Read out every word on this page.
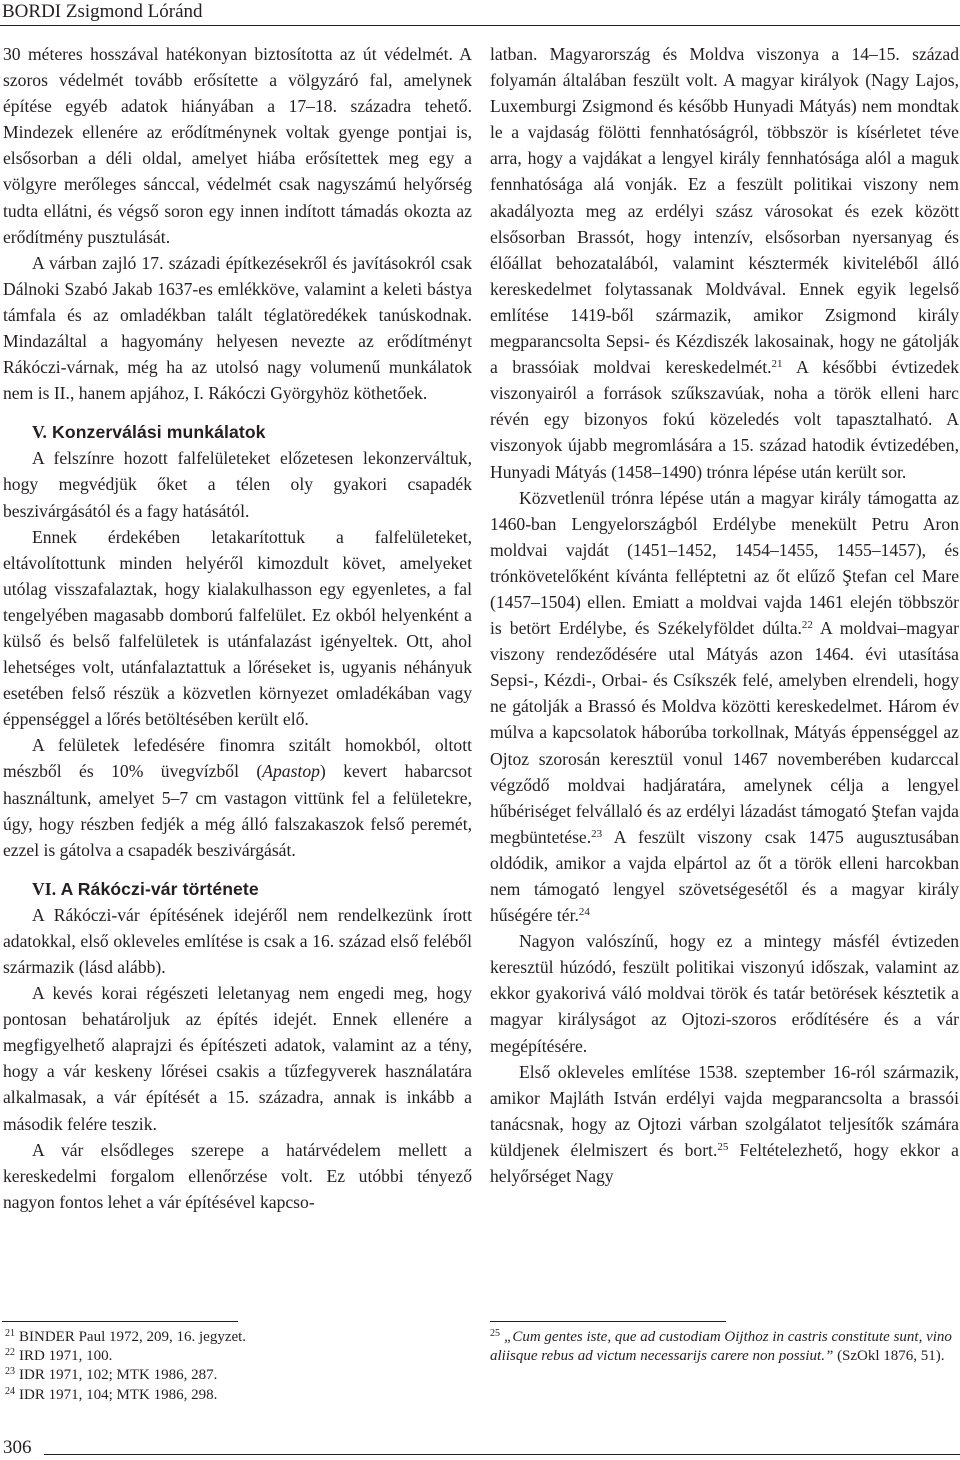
BORDI Zsigmond Lóránd

30 méteres hosszával hatékonyan biztosította az út védelmét. A szoros védelmét tovább erősítette a völgyzáró fal, amelynek építése egyéb adatok hiányában a 17–18. századra tehető. Mindezek ellenére az erődítménynek voltak gyenge pontjai is, elsősorban a déli oldal, amelyet hiába erősítettek meg egy a völgyre merőleges sánccal, védelmét csak nagyszámú helyőrség tudta ellátni, és végső soron egy innen indított támadás okozta az erődítmény pusztulását.

A várban zajló 17. századi építkezésekről és javításokról csak Dálnoki Szabó Jakab 1637-es emlékköve, valamint a keleti bástya támfala és az omladékban talált téglatöredékek tanúskodnak. Mindazáltal a hagyomány helyesen nevezte az erődítményt Rákóczi-várnak, még ha az utolsó nagy volumenű munkálatok nem is II., hanem apjához, I. Rákóczi Györgyhöz köthetőek.

V. Konzerválási munkálatok

A felszínre hozott falfelületeket előzetesen lekonzerváltuk, hogy megvédjük őket a télen oly gyakori csapadék beszivárgásától és a fagy hatásától.

Ennek érdekében letakarítottuk a falfelületeket, eltávolítottunk minden helyéről kimozdult követ, amelyeket utólag visszafalaztak, hogy kialakulhasson egy egyenletes, a fal tengelyében magasabb domború falfelület. Ez okból helyenként a külső és belső falfelületek is utánfalazást igényeltek. Ott, ahol lehetséges volt, utánfalaztattuk a lőréseket is, ugyanis néhányuk esetében felső részük a közvetlen környezet omladékában vagy éppenséggel a lőrés betöltésében került elő.

A felületek lefedésére finomra szitált homokból, oltott mészből és 10% üvegvízből (Apastop) kevert habarcsot használtunk, amelyet 5–7 cm vastagon vittünk fel a felületekre, úgy, hogy részben fedjék a még álló falszakaszok felső peremét, ezzel is gátolva a csapadék beszivárgását.

VI. A Rákóczi-vár története

A Rákóczi-vár építésének idejéről nem rendelkezünk írott adatokkal, első okleveles említése is csak a 16. század első feléből származik (lásd alább).

A kevés korai régészeti leletanyag nem engedi meg, hogy pontosan behatároljuk az építés idejét. Ennek ellenére a megfigyelhető alaprajzi és építészeti adatok, valamint az a tény, hogy a vár keskeny lőrései csakis a tűzfegyverek használatára alkalmasak, a vár építését a 15. századra, annak is inkább a második felére teszik.

A vár elsődleges szerepe a határvédelem mellett a kereskedelmi forgalom ellenőrzése volt. Ez utóbbi tényező nagyon fontos lehet a vár építésével kapcso-

latban. Magyarország és Moldva viszonya a 14–15. század folyamán általában feszült volt. A magyar királyok (Nagy Lajos, Luxemburgi Zsigmond és később Hunyadi Mátyás) nem mondtak le a vajdaság fölötti fennhatóságról, többször is kísérletet téve arra, hogy a vajdákat a lengyel király fennhatósága alól a maguk fennhatósága alá vonják. Ez a feszült politikai viszony nem akadályozta meg az erdélyi szász városokat és ezek között elsősorban Brassót, hogy intenzív, elsősorban nyersanyag és élőállat behozatalából, valamint késztermék kiviteléből álló kereskedelmet folytassanak Moldvával. Ennek egyik legelső említése 1419-ből származik, amikor Zsigmond király megparancsolta Sepsi- és Kézdiszék lakosainak, hogy ne gátolják a brassóiak moldvai kereskedelmét.$^{21}$ A későbbi évtizedek viszonyairól a források szűkszavúak, noha a török elleni harc révén egy bizonyos fokú közeledés volt tapasztalható. A viszonyok újabb megromlására a 15. század hatodik évtizedében, Hunyadi Mátyás (1458–1490) trónra lépése után került sor.

Közvetlenül trónra lépése után a magyar király támogatta az 1460-ban Lengyelországból Erdélybe menekült Petru Aron moldvai vajdát (1451–1452, 1454–1455, 1455–1457), és trónkövetelőként kívánta felléptetni az őt elűző Ştefan cel Mare (1457–1504) ellen. Emiatt a moldvai vajda 1461 elején többször is betört Erdélybe, és Székelyföldet dúlta.$^{22}$ A moldvai–magyar viszony rendeződésére utal Mátyás azon 1464. évi utasítása Sepsi-, Kézdi-, Orbai- és Csíkszék felé, amelyben elrendeli, hogy ne gátolják a Brassó és Moldva közötti kereskedelmet. Három év múlva a kapcsolatok háborúba torkollnak, Mátyás éppenséggel az Ojtoz szorosán keresztül vonul 1467 novemberében kudarccal végződő moldvai hadjáratára, amelynek célja a lengyel hűbériséget felvállaló és az erdélyi lázadást támogató Ştefan vajda megbüntetése.$^{23}$ A feszült viszony csak 1475 augusztusában oldódik, amikor a vajda elpártol az őt a török elleni harcokban nem támogató lengyel szövetségesétől és a magyar király hűségére tér.$^{24}$

Nagyon valószínű, hogy ez a mintegy másfél évtizeden keresztül húzódó, feszült politikai viszonyú időszak, valamint az ekkor gyakorivá váló moldvai török és tatár betörések késztetik a magyar királyságot az Ojtozi-szoros erődítésére és a vár megépítésére.

Első okleveles említése 1538. szeptember 16-ról származik, amikor Majláth István erdélyi vajda megparancsolta a brassói tanácsnak, hogy az Ojtozi várban szolgálatot teljesítők számára küldjenek élelmiszert és bort.$^{25}$ Feltételezhető, hogy ekkor a helyőrséget Nagy

$^{21}$ BINDER Paul 1972, 209, 16. jegyzet.
$^{22}$ IRD 1971, 100.
$^{23}$ IDR 1971, 102; MTK 1986, 287.
$^{24}$ IDR 1971, 104; MTK 1986, 298.
$^{25}$ „Cum gentes iste, que ad custodiam Oijthoz in castris constitute sunt, vino aliisque rebus ad victum necessarijs carere non possiut.” (SzOkl 1876, 51).
306
